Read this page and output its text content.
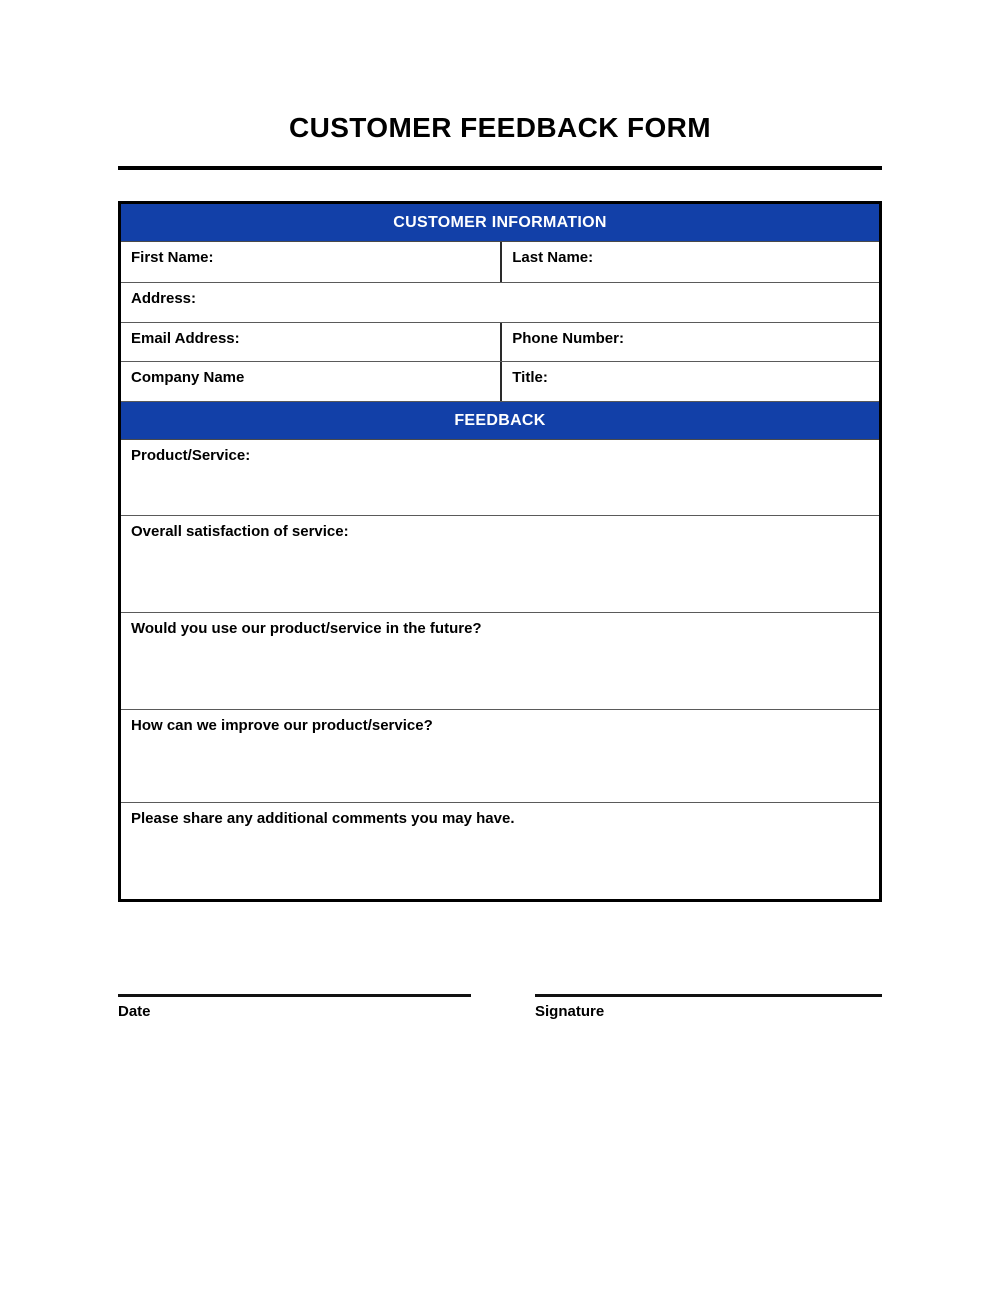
CUSTOMER FEEDBACK FORM
CUSTOMER INFORMATION
First Name:	Last Name:
Address:
Email Address:	Phone Number:
Company Name	Title:
FEEDBACK
Product/Service:
Overall satisfaction of service:
Would you use our product/service in the future?
How can we improve our product/service?
Please share any additional comments you may have.
Date	Signature
